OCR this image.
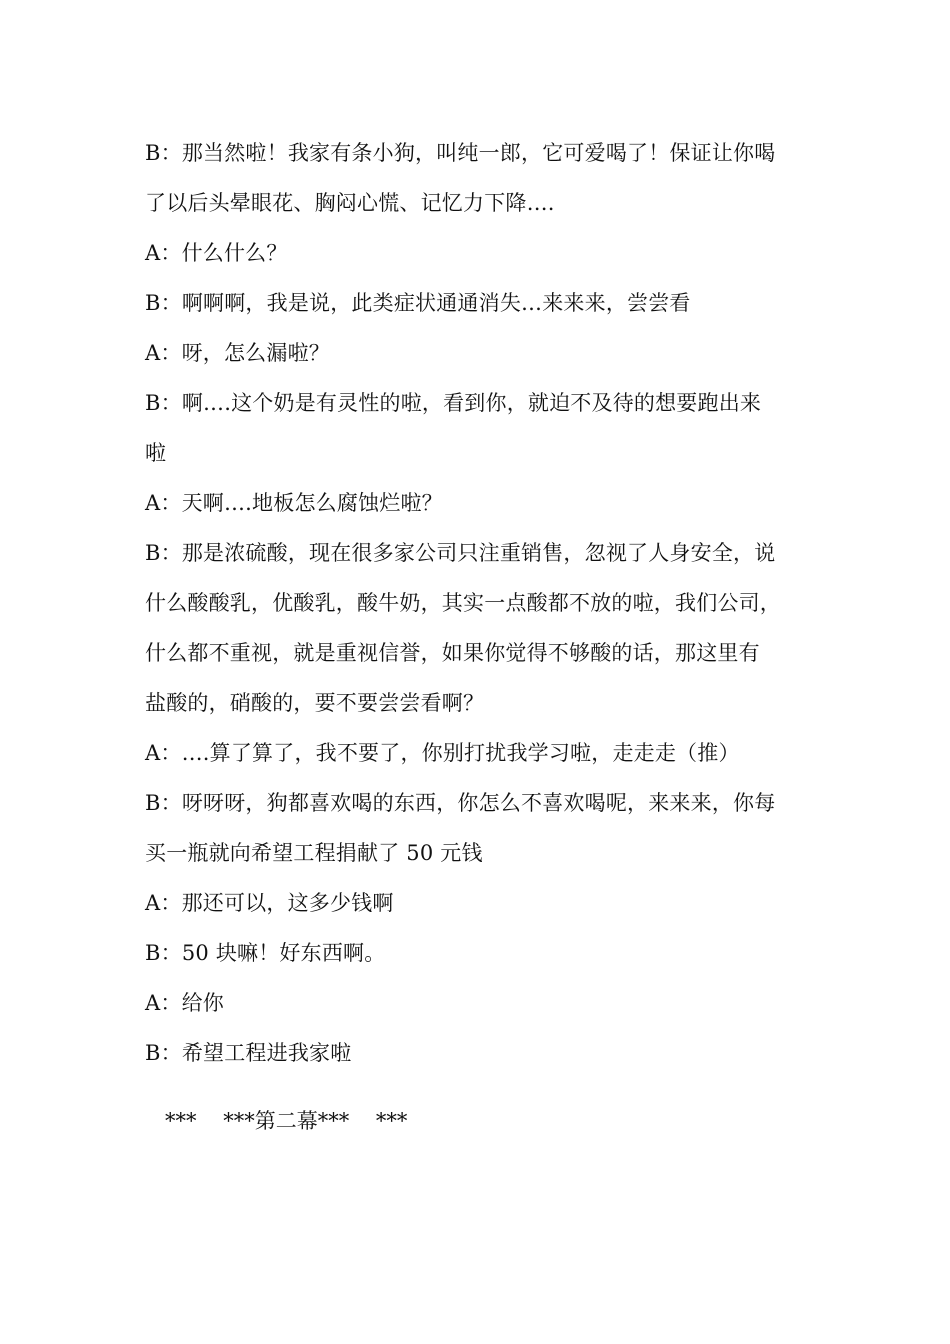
B：那当然啦！我家有条小狗，叫纯一郎，它可爱喝了！保证让你喝
了以后头晕眼花、胸闷心慌、记忆力下降….
A：什么什么？
B：啊啊啊，我是说，此类症状通通消失…来来来，尝尝看
A：呀，怎么漏啦？
B：啊….这个奶是有灵性的啦，看到你，就迫不及待的想要跑出来
啦
A：天啊….地板怎么腐蚀烂啦？
B：那是浓硫酸，现在很多家公司只注重销售，忽视了人身安全，说
什么酸酸乳，优酸乳，酸牛奶，其实一点酸都不放的啦，我们公司，
什么都不重视，就是重视信誉，如果你觉得不够酸的话，那这里有
盐酸的，硝酸的，要不要尝尝看啊？
A：….算了算了，我不要了，你别打扰我学习啦，走走走（推）
B：呀呀呀，狗都喜欢喝的东西，你怎么不喜欢喝呢，来来来，你每
买一瓶就向希望工程捐献了 50 元钱
A：那还可以，这多少钱啊
B：50 块嘛！好东西啊。
A：给你
B：希望工程进我家啦
***    ***第二幕***    ***
